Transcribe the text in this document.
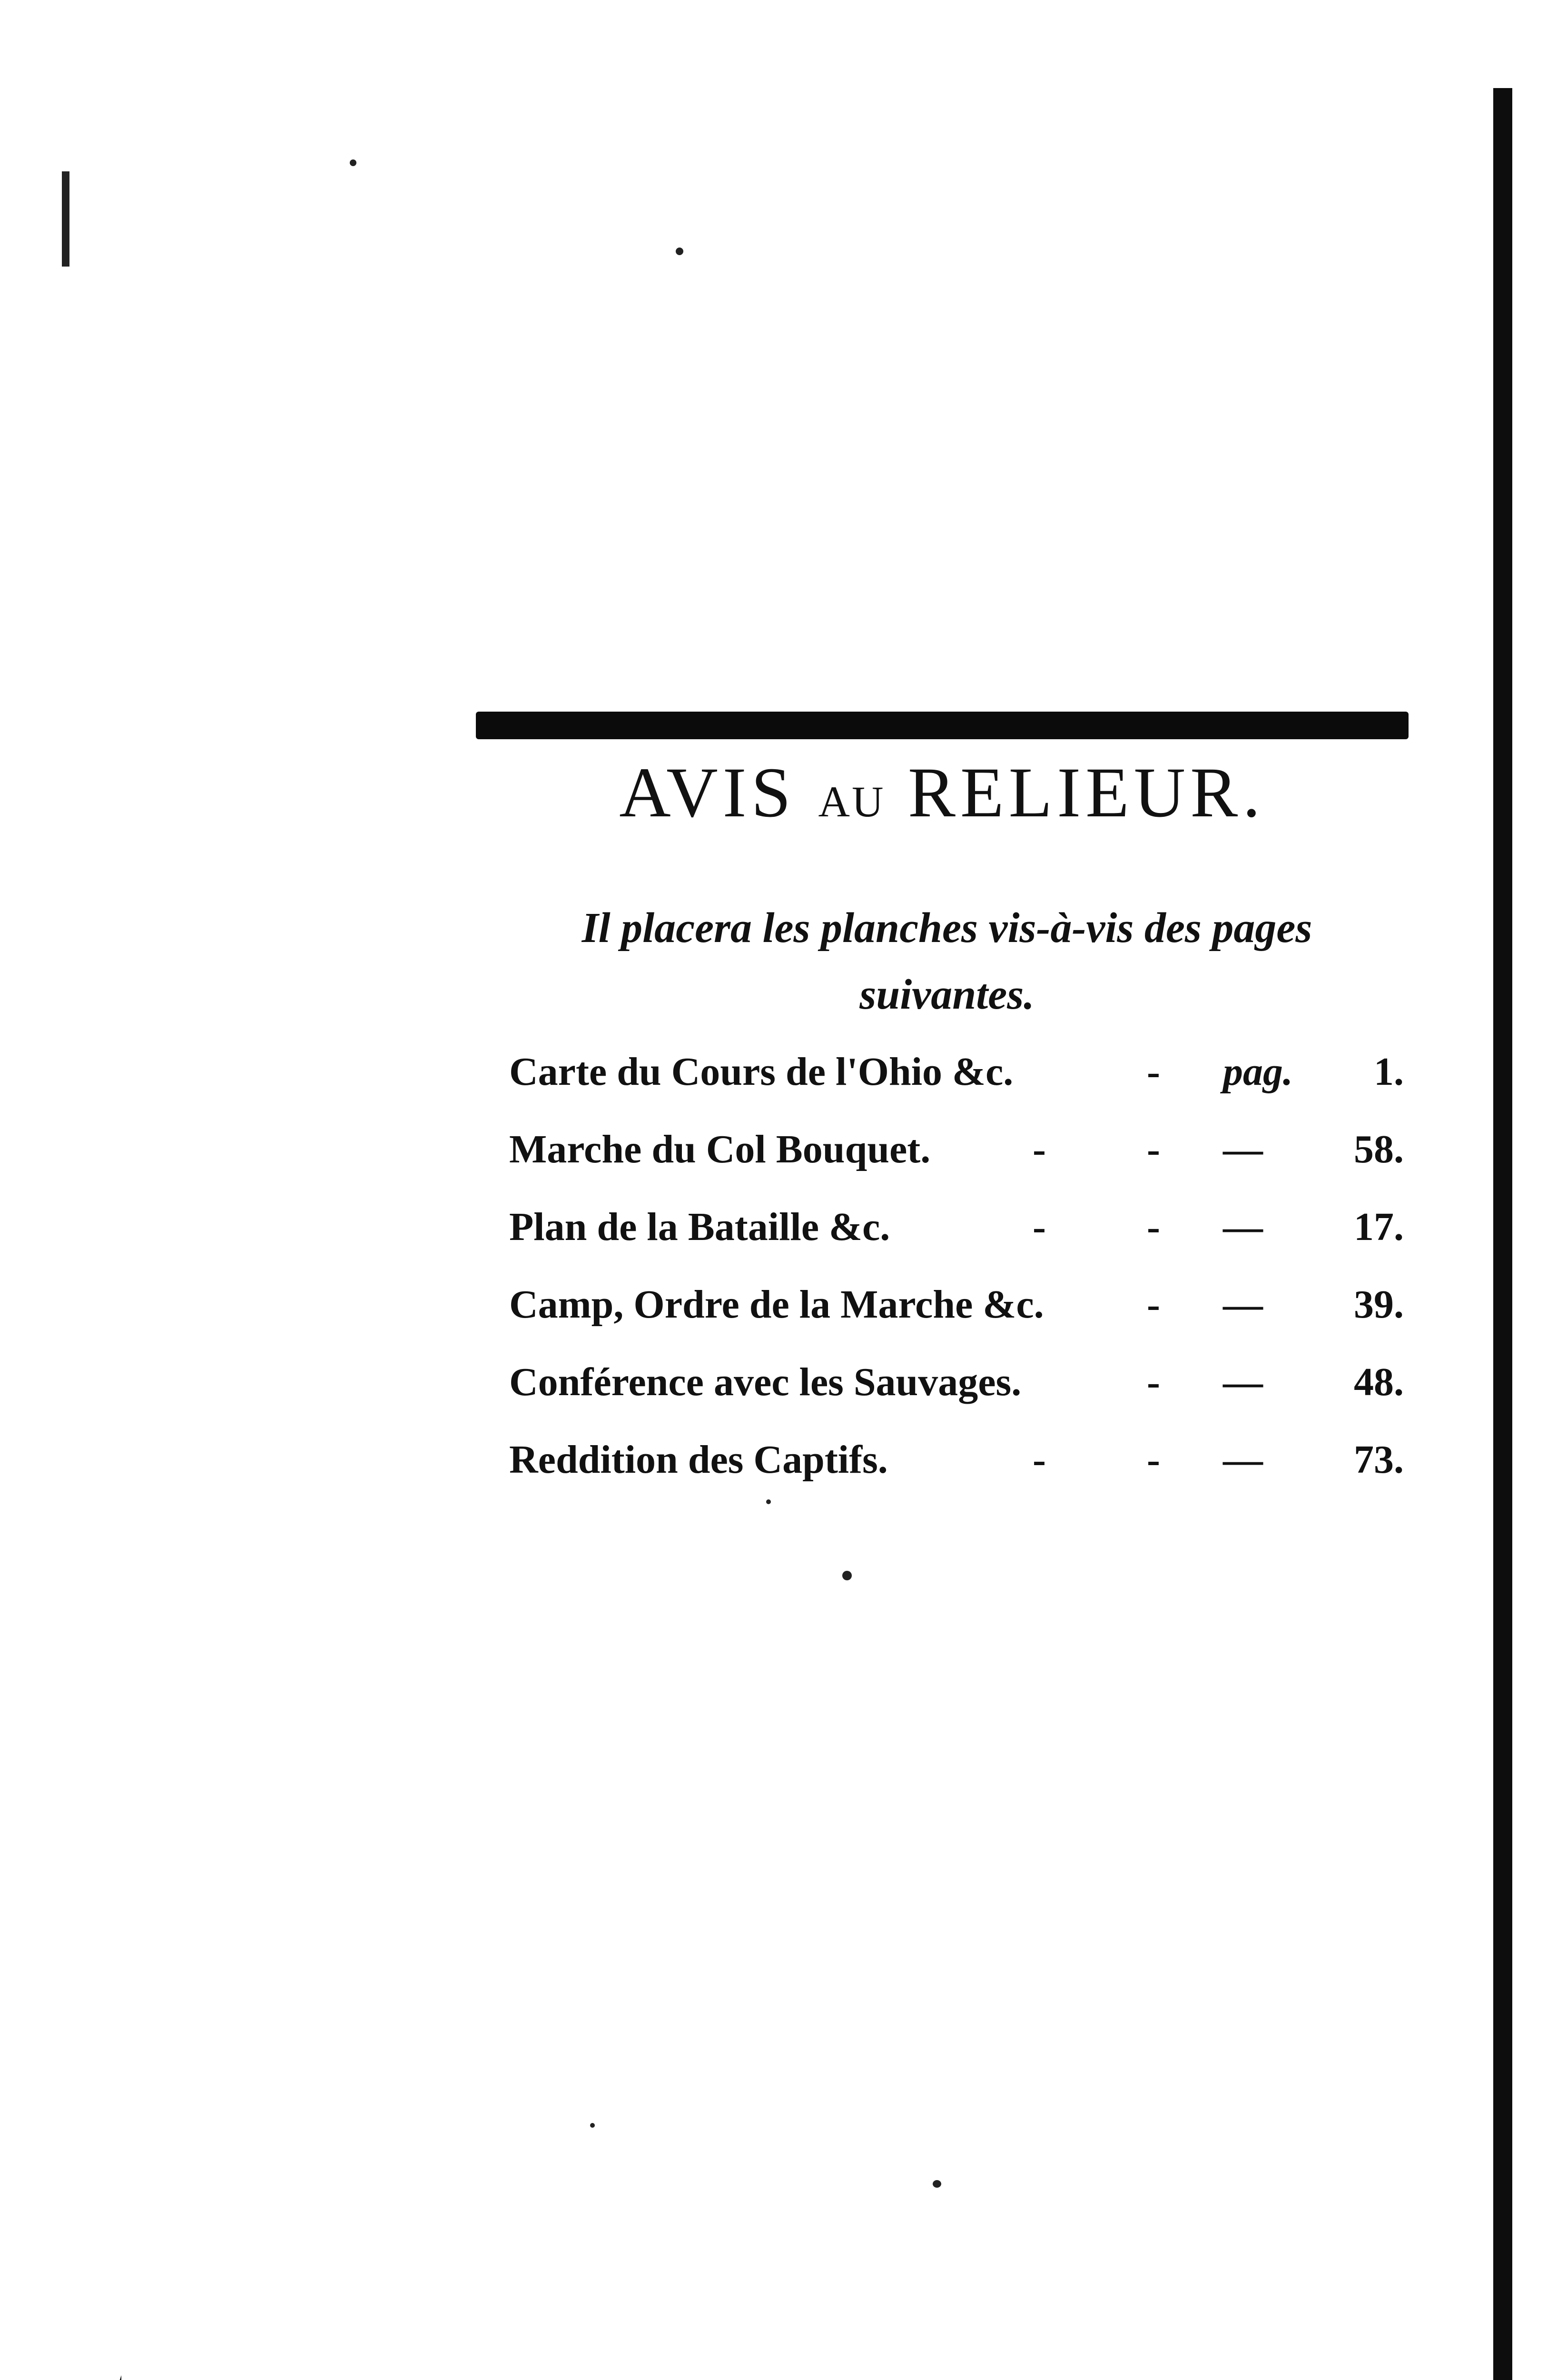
AVIS AU RELIEUR.

Il placera les planches vis-à-vis des pages
suivantes.

Carte du Cours de l'Ohio &c.	- pag. 1.
Marche du Col Bouquet.	-	- — 58.
Plan de la Bataille &c.	-	- — 17.
Camp, Ordre de la Marche &c.	- — 39.
Conférence avec les Sauvages.	- — 48.
Reddition des Captifs.	-	- — 73.
